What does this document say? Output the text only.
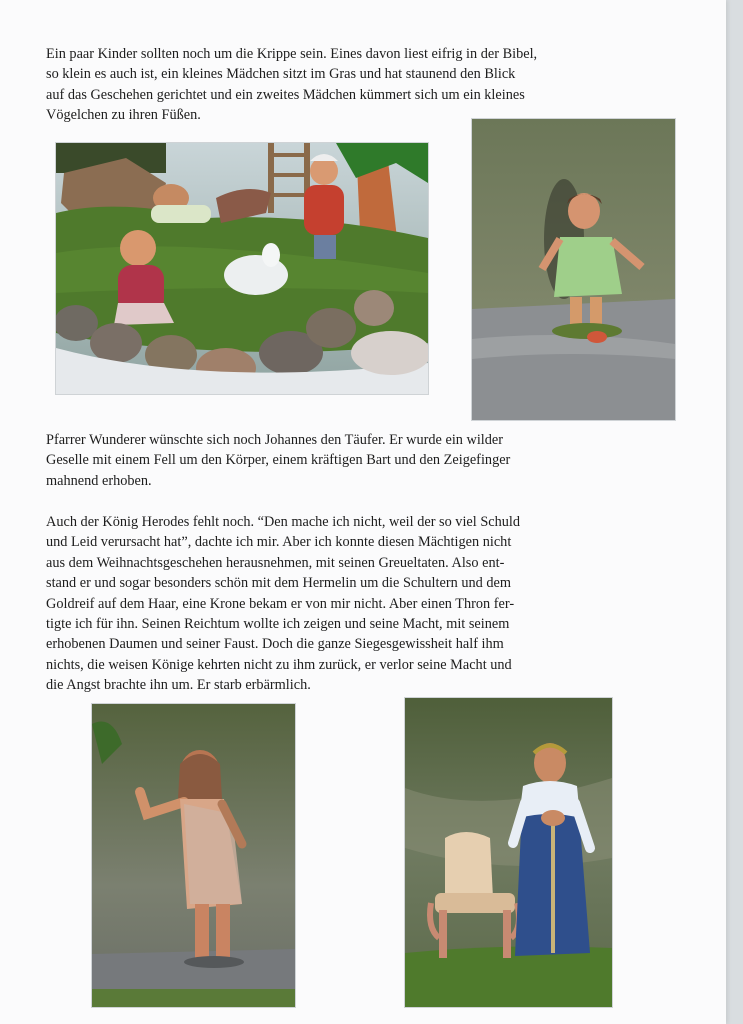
Ein paar Kinder sollten noch um die Krippe sein. Eines davon liest eifrig in der Bibel,
so klein es auch ist, ein kleines Mädchen sitzt im Gras und hat staunend den Blick
auf das Geschehen gerichtet und ein zweites Mädchen kümmert sich um ein kleines
Vögelchen zu ihren Füßen.

Pfarrer Wunderer wünschte sich noch Johannes den Täufer. Er wurde ein wilder
Geselle mit einem Fell um den Körper, einem kräftigen Bart und den Zeigefinger
mahnend erhoben.

Auch der König Herodes fehlt noch. “Den mache ich nicht, weil der so viel Schuld
und Leid verursacht hat”, dachte ich mir. Aber ich konnte diesen Mächtigen nicht
aus dem Weihnachtsgeschehen herausnehmen, mit seinen Greueltaten. Also ent-
stand er und sogar besonders schön mit dem Hermelin um die Schultern und dem
Goldreif auf dem Haar, eine Krone bekam er von mir nicht. Aber einen Thron fer-
tigte ich für ihn. Seinen Reichtum wollte ich zeigen und seine Macht, mit seinem
erhobenen Daumen und seiner Faust. Doch die ganze Siegesgewissheit half ihm
nichts, die weisen Könige kehrten nicht zu ihm zurück, er verlor seine Macht und
die Angst brachte ihn um. Er starb erbärmlich.
